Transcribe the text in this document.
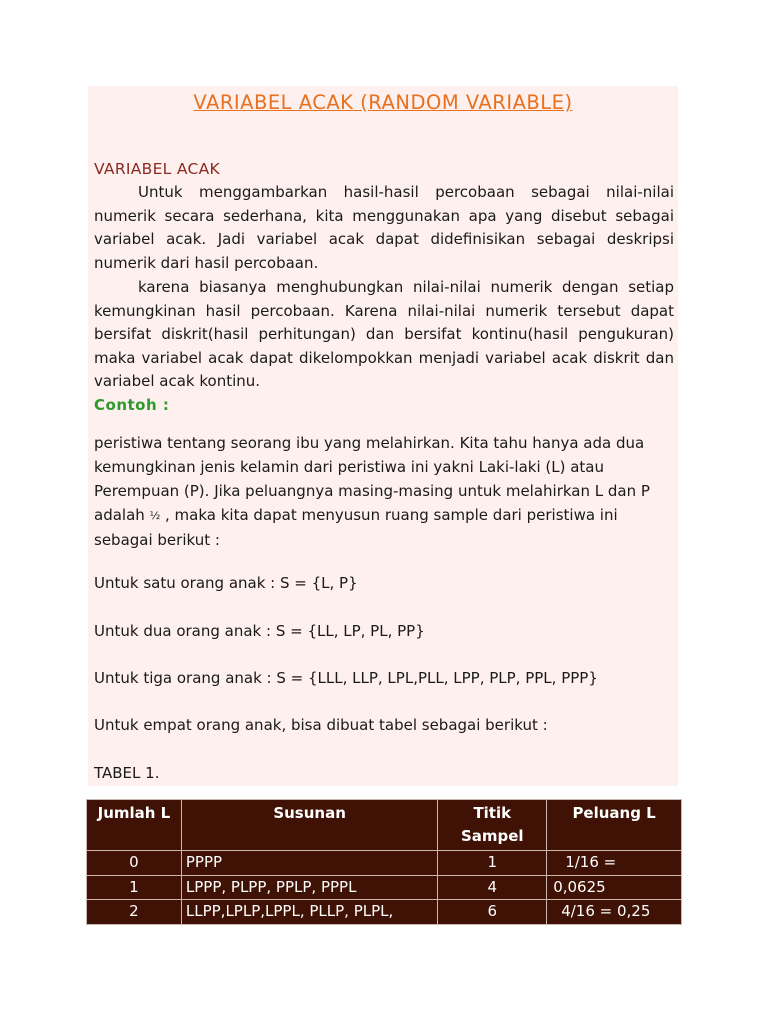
VARIABEL ACAK (RANDOM VARIABLE)
VARIABEL ACAK

Untuk menggambarkan hasil-hasil percobaan sebagai nilai-nilai numerik secara sederhana, kita menggunakan apa yang disebut sebagai variabel acak. Jadi variabel acak dapat didefinisikan sebagai deskripsi numerik dari hasil percobaan.

karena biasanya menghubungkan nilai-nilai numerik dengan setiap kemungkinan hasil percobaan. Karena nilai-nilai numerik tersebut dapat bersifat diskrit(hasil perhitungan) dan bersifat kontinu(hasil pengukuran) maka variabel acak dapat dikelompokkan menjadi variabel acak diskrit dan variabel acak kontinu.

Contoh :

peristiwa tentang seorang ibu yang melahirkan. Kita tahu hanya ada dua kemungkinan jenis kelamin dari peristiwa ini yakni Laki-laki (L) atau Perempuan (P). Jika peluangnya masing-masing untuk melahirkan L dan P adalah ½ , maka kita dapat menyusun ruang sample dari peristiwa ini sebagai berikut :

Untuk satu orang anak : S = {L, P}
Untuk dua orang anak : S = {LL, LP, PL, PP}
Untuk tiga orang anak : S = {LLL, LLP, LPL,PLL, LPP, PLP, PPL, PPP}
Untuk empat orang anak, bisa dibuat tabel sebagai berikut :
TABEL 1.
Jumlah L	Susunan	Titik Sampel	Peluang L
0	PPPP	1	1/16 =
1	LPPP, PLPP, PPLP, PPPL	4	0,0625
2	LLPP,LPLP,LPPL, PLLP, PLPL,	6	4/16 = 0,25
